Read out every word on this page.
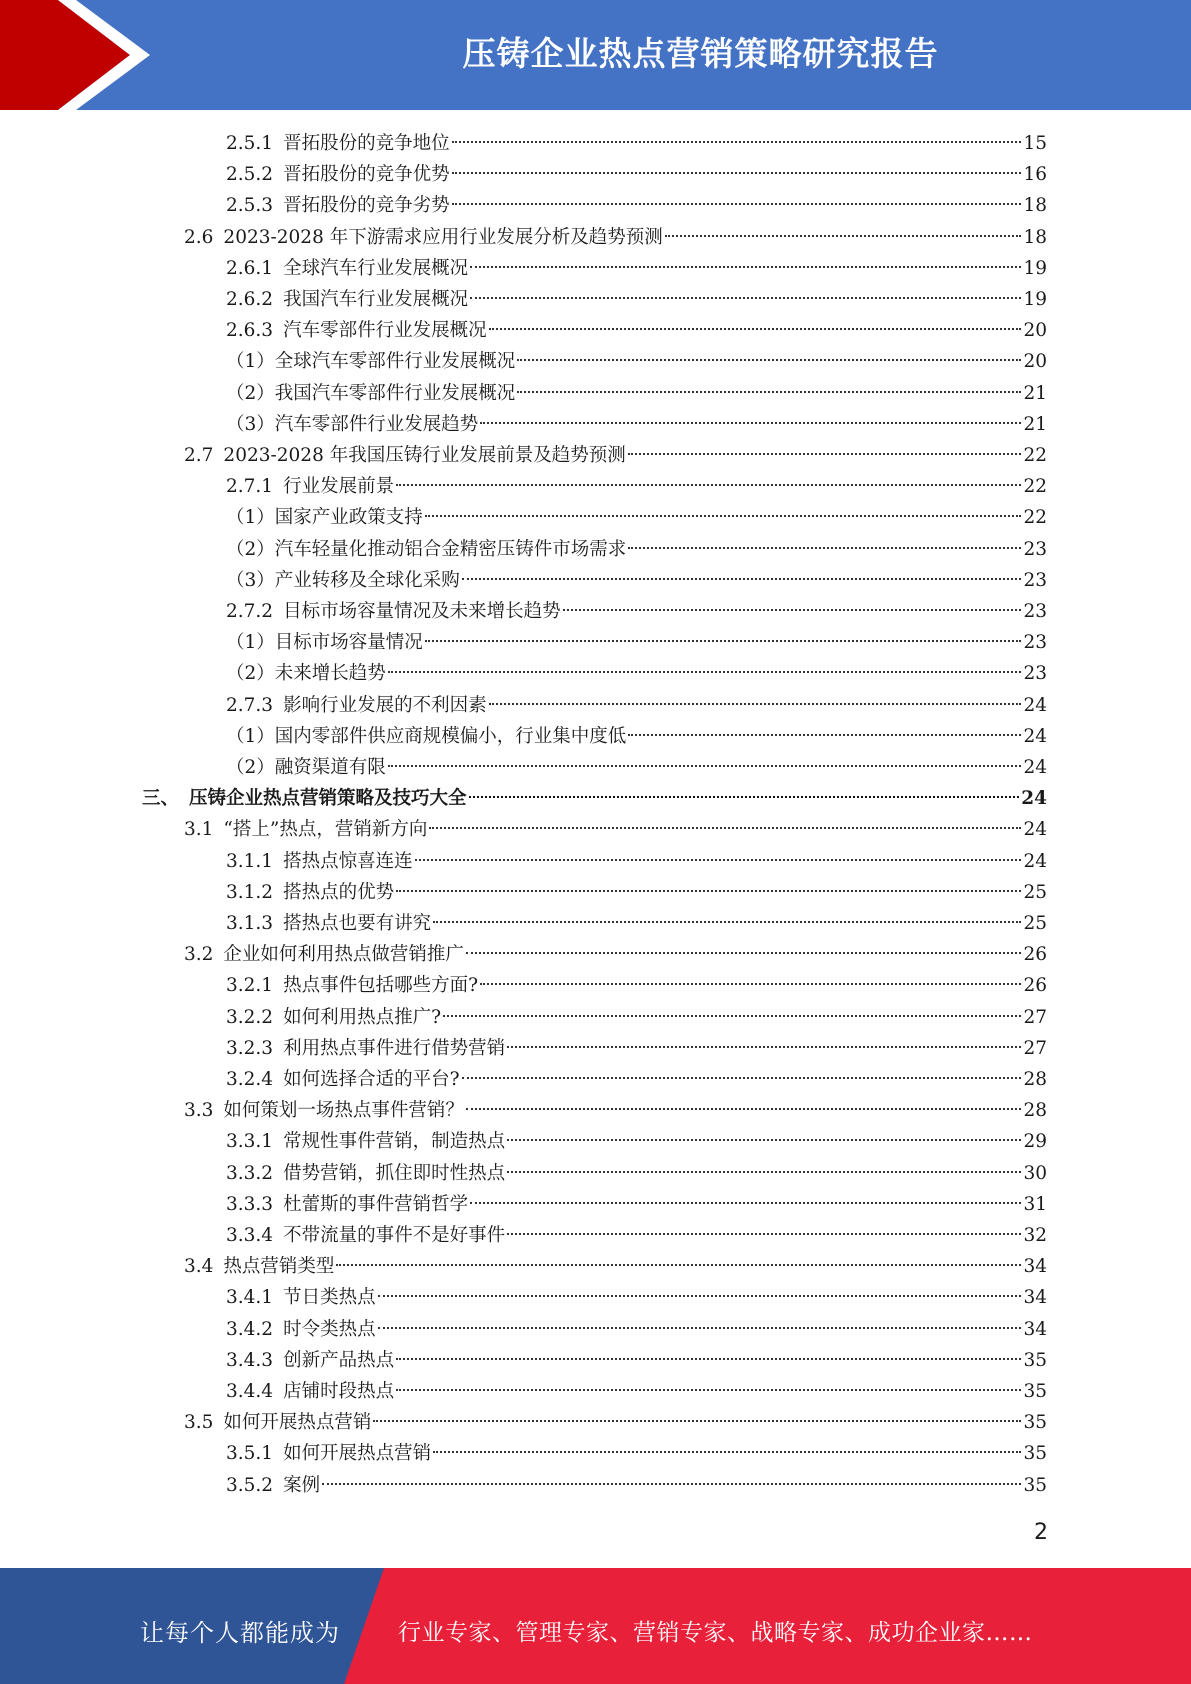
压铸企业热点营销策略研究报告
2.5.1 晋拓股份的竞争地位	15
2.5.2 晋拓股份的竞争优势	16
2.5.3 晋拓股份的竞争劣势	18
2.6 2023-2028 年下游需求应用行业发展分析及趋势预测	18
2.6.1 全球汽车行业发展概况	19
2.6.2 我国汽车行业发展概况	19
2.6.3 汽车零部件行业发展概况	20
（1） 全球汽车零部件行业发展概况	20
（2） 我国汽车零部件行业发展概况	21
（3） 汽车零部件行业发展趋势	21
2.7 2023-2028 年我国压铸行业发展前景及趋势预测	22
2.7.1 行业发展前景	22
（1） 国家产业政策支持	22
（2） 汽车轻量化推动铝合金精密压铸件市场需求	23
（3） 产业转移及全球化采购	23
2.7.2 目标市场容量情况及未来增长趋势	23
（1） 目标市场容量情况	23
（2） 未来增长趋势	23
2.7.3 影响行业发展的不利因素	24
（1） 国内零部件供应商规模偏小，行业集中度低	24
（2） 融资渠道有限	24
三、 压铸企业热点营销策略及技巧大全	24
3.1 “搭上”热点，营销新方向	24
3.1.1 搭热点惊喜连连	24
3.1.2 搭热点的优势	25
3.1.3 搭热点也要有讲究	25
3.2 企业如何利用热点做营销推广	26
3.2.1 热点事件包括哪些方面?	26
3.2.2 如何利用热点推广?	27
3.2.3 利用热点事件进行借势营销	27
3.2.4 如何选择合适的平台?	28
3.3 如何策划一场热点事件营销？	28
3.3.1 常规性事件营销，制造热点	29
3.3.2 借势营销，抓住即时性热点	30
3.3.3 杜蕾斯的事件营销哲学	31
3.3.4 不带流量的事件不是好事件	32
3.4 热点营销类型	34
3.4.1 节日类热点	34
3.4.2 时令类热点	34
3.4.3 创新产品热点	35
3.4.4 店铺时段热点	35
3.5 如何开展热点营销	35
3.5.1 如何开展热点营销	35
3.5.2 案例	35
2
让每个人都能成为	行业专家、管理专家、营销专家、战略专家、成功企业家……
